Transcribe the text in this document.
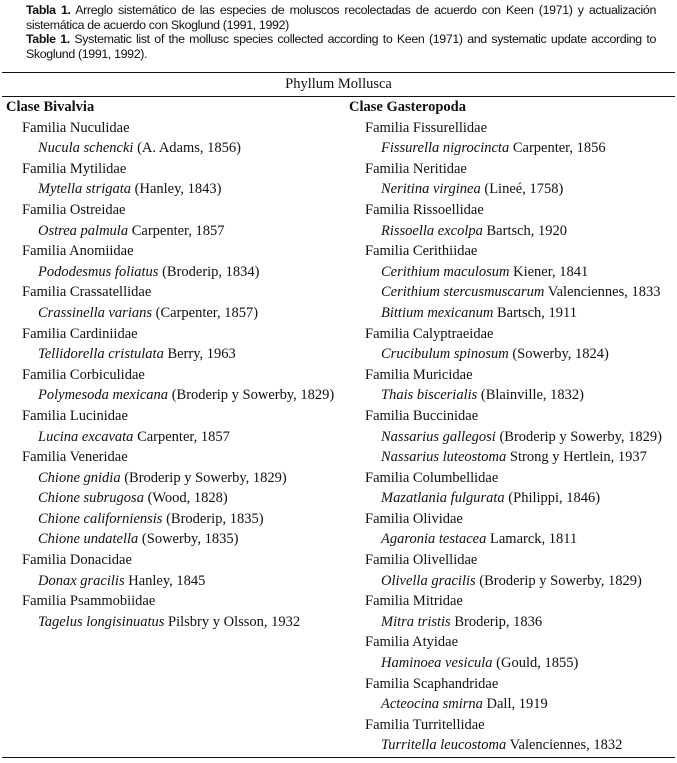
Tabla 1. Arreglo sistemático de las especies de moluscos recolectadas de acuerdo con Keen (1971) y actualización sistemática de acuerdo con Skoglund (1991, 1992)

Table 1. Systematic list of the mollusc species collected according to Keen (1971) and systematic update according to Skoglund (1991, 1992).

Phyllum Mollusca
Clase Bivalvia
Familia Nuculidae
Nucula schencki (A. Adams, 1856)
Familia Mytilidae
Mytella strigata (Hanley, 1843)
Familia Ostreidae
Ostrea palmula Carpenter, 1857
Familia Anomiidae
Pododesmus foliatus (Broderip, 1834)
Familia Crassatellidae
Crassinella varians (Carpenter, 1857)
Familia Cardiniidae
Tellidorella cristulata Berry, 1963
Familia Corbiculidae
Polymesoda mexicana (Broderip y Sowerby, 1829)
Familia Lucinidae
Lucina excavata Carpenter, 1857
Familia Veneridae
Chione gnidia (Broderip y Sowerby, 1829)
Chione subrugosa (Wood, 1828)
Chione californiensis (Broderip, 1835)
Chione undatella (Sowerby, 1835)
Familia Donacidae
Donax gracilis Hanley, 1845
Familia Psammobiidae
Tagelus longisinuatus Pilsbry y Olsson, 1932
Clase Gasteropoda
Familia Fissurellidae
Fissurella nigrocincta Carpenter, 1856
Familia Neritidae
Neritina virginea (Lineé, 1758)
Familia Rissoellidae
Rissoella excolpa Bartsch, 1920
Familia Cerithiidae
Cerithium maculosum Kiener, 1841
Cerithium stercusmuscarum Valenciennes, 1833
Bittium mexicanum Bartsch, 1911
Familia Calyptraeidae
Crucibulum spinosum (Sowerby, 1824)
Familia Muricidae
Thais biscerialis (Blainville, 1832)
Familia Buccinidae
Nassarius gallegosi (Broderip y Sowerby, 1829)
Nassarius luteostoma Strong y Hertlein, 1937
Familia Columbellidae
Mazatlania fulgurata (Philippi, 1846)
Familia Olividae
Agaronia testacea Lamarck, 1811
Familia Olivellidae
Olivella gracilis (Broderip y Sowerby, 1829)
Familia Mitridae
Mitra tristis Broderip, 1836
Familia Atyidae
Haminoea vesicula (Gould, 1855)
Familia Scaphandridae
Acteocina smirna Dall, 1919
Familia Turritellidae
Turritella leucostoma Valenciennes, 1832
